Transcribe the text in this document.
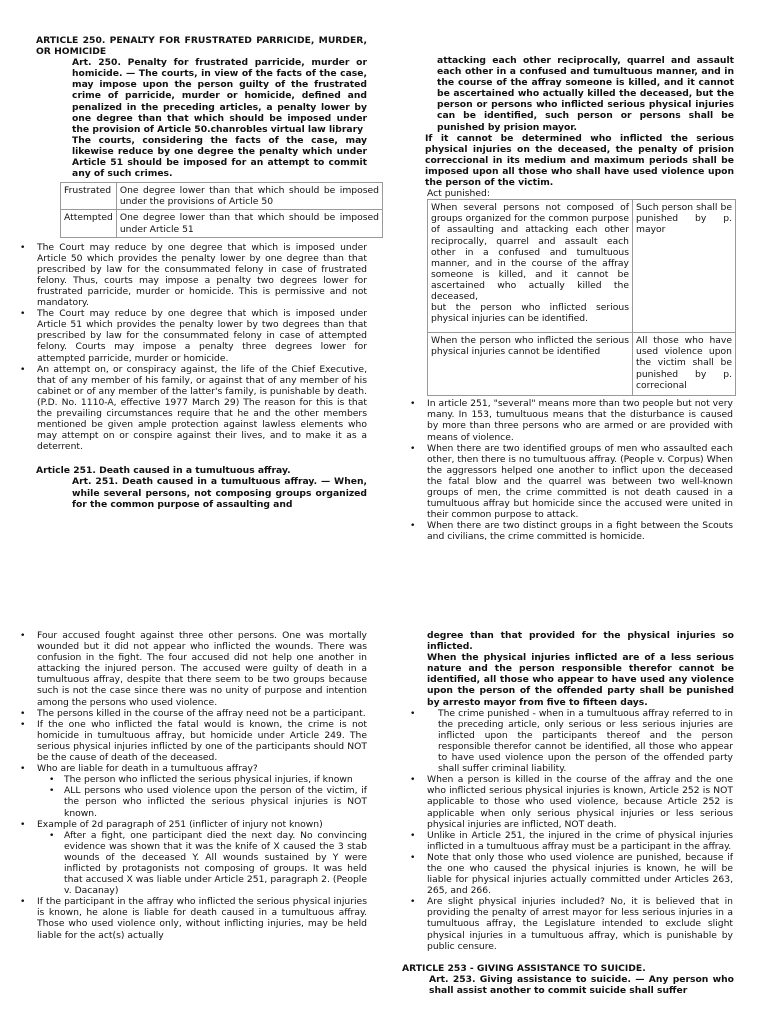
ARTICLE 250. PENALTY FOR FRUSTRATED PARRICIDE, MURDER, OR HOMICIDE

Art. 250. Penalty for frustrated parricide, murder or homicide. — The courts, in view of the facts of the case, may impose upon the person guilty of the frustrated crime of parricide, murder or homicide, defined and penalized in the preceding articles, a penalty lower by one degree than that which should be imposed under the provision of Article 50.chanrobles virtual law library

The courts, considering the facts of the case, may likewise reduce by one degree the penalty which under Article 51 should be imposed for an attempt to commit any of such crimes.

Frustrated	One degree lower than that which should be imposed under the provisions of Article 50
Attempted	One degree lower than that which should be imposed under Article 51
• The Court may reduce by one degree that which is imposed under Article 50 which provides the penalty lower by one degree than that prescribed by law for the consummated felony in case of frustrated felony. Thus, courts may impose a penalty two degrees lower for frustrated parricide, murder or homicide. This is permissive and not mandatory.
• The Court may reduce by one degree that which is imposed under Article 51 which provides the penalty lower by two degrees than that prescribed by law for the consummated felony in case of attempted felony. Courts may impose a penalty three degrees lower for attempted parricide, murder or homicide.
• An attempt on, or conspiracy against, the life of the Chief Executive, that of any member of his family, or against that of any member of his cabinet or of any member of the latter's family, is punishable by death. (P.D. No. 1110-A, effective 1977 March 29) The reason for this is that the prevailing circumstances require that he and the other members mentioned be given ample protection against lawless elements who may attempt on or conspire against their lives, and to make it as a deterrent.

Article 251. Death caused in a tumultuous affray.

Art. 251. Death caused in a tumultuous affray. — When, while several persons, not composing groups organized for the common purpose of assaulting and

attacking each other reciprocally, quarrel and assault each other in a confused and tumultuous manner, and in the course of the affray someone is killed, and it cannot be ascertained who actually killed the deceased, but the person or persons who inflicted serious physical injuries can be identified, such person or persons shall be punished by prision mayor.

If it cannot be determined who inflicted the serious physical injuries on the deceased, the penalty of prision correccional in its medium and maximum periods shall be imposed upon all those who shall have used violence upon the person of the victim.

Act punished:

When several persons not composed of groups organized for the common purpose of assaulting and attacking each other reciprocally, quarrel and assault each other in a confused and tumultuous manner, and in the course of the affray someone is killed, and it cannot be ascertained who actually killed the deceased,
but the person who inflicted serious physical injuries can be identified.	Such person shall be punished by p. mayor
When the person who inflicted the serious physical injuries cannot be identified	All those who have used violence upon the victim shall be punished by p. correcional
• In article 251, "several" means more than two people but not very many. In 153, tumultuous means that the disturbance is caused by more than three persons who are armed or are provided with means of violence.
• When there are two identified groups of men who assaulted each other, then there is no tumultuous affray. (People v. Corpus) When the aggressors helped one another to inflict upon the deceased the fatal blow and the quarrel was between two well-known groups of men, the crime committed is not death caused in a tumultuous affray but homicide since the accused were united in their common purpose to attack.
• When there are two distinct groups in a fight between the Scouts and civilians, the crime committed is homicide.
• Four accused fought against three other persons. One was mortally wounded but it did not appear who inflicted the wounds. There was confusion in the fight. The four accused did not help one another in attacking the injured person. The accused were guilty of death in a tumultuous affray, despite that there seem to be two groups because such is not the case since there was no unity of purpose and intention among the persons who used violence.
• The persons killed in the course of the affray need not be a participant.
• If the one who inflicted the fatal would is known, the crime is not homicide in tumultuous affray, but homicide under Article 249. The serious physical injuries inflicted by one of the participants should NOT be the cause of death of the deceased.
• Who are liable for death in a tumultuous affray?
• The person who inflicted the serious physical injuries, if known
• ALL persons who used violence upon the person of the victim, if the person who inflicted the serious physical injuries is NOT known.
• Example of 2d paragraph of 251 (inflicter of injury not known)
• After a fight, one participant died the next day. No convincing evidence was shown that it was the knife of X caused the 3 stab wounds of the deceased Y. All wounds sustained by Y were inflicted by protagonists not composing of groups. It was held that accused X was liable under Article 251, paragraph 2. (People v. Dacanay)
• If the participant in the affray who inflicted the serious physical injuries is known, he alone is liable for death caused in a tumultuous affray. Those who used violence only, without inflicting injuries, may be held liable for the act(s) actually

degree than that provided for the physical injuries so inflicted.

When the physical injuries inflicted are of a less serious nature and the person responsible therefor cannot be identified, all those who appear to have used any violence upon the person of the offended party shall be punished by arresto mayor from five to fifteen days.

• The crime punished - when in a tumultuous affray referred to in the preceding article, only serious or less serious injuries are inflicted upon the participants thereof and the person responsible therefor cannot be identified, all those who appear to have used violence upon the person of the offended party shall suffer criminal liability.
• When a person is killed in the course of the affray and the one who inflicted serious physical injuries is known, Article 252 is NOT applicable to those who used violence, because Article 252 is applicable when only serious physical injuries or less serious physical injuries are inflicted, NOT death.
• Unlike in Article 251, the injured in the crime of physical injuries inflicted in a tumultuous affray must be a participant in the affray.
• Note that only those who used violence are punished, because if the one who caused the physical injuries is known, he will be liable for physical injuries actually committed under Articles 263, 265, and 266.
• Are slight physical injuries included? No, it is believed that in providing the penalty of arrest mayor for less serious injuries in a tumultuous affray, the Legislature intended to exclude slight physical injuries in a tumultuous affray, which is punishable by public censure.

ARTICLE 253 - GIVING ASSISTANCE TO SUICIDE.

Art. 253. Giving assistance to suicide. — Any person who shall assist another to commit suicide shall suffer
